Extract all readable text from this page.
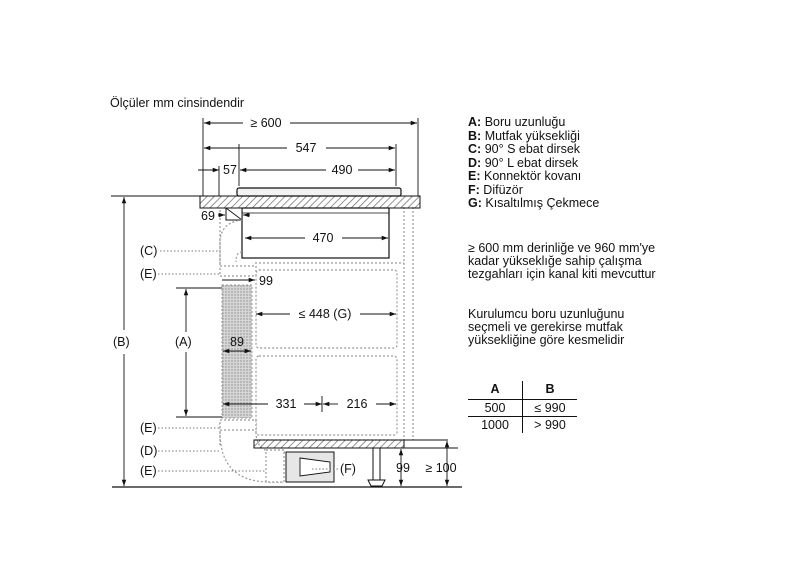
≥ 600
547
57	490
69
470
99
≤ 448 (G)
89
331	216
99 ≥ 100
(C)
(E)
(A)
(B)
(E)
(D)
(E)	(F)
Ölçüler mm cinsindendir
A: Boru uzunluğu
B: Mutfak yüksekliği
C: 90° S ebat dirsek
D: 90° L ebat dirsek
E: Konnektör kovanı
F: Difüzör
G: Kısaltılmış Çekmece
≥ 600 mm derinliğe ve 960 mm'ye
kadar yükseklığe sahip çalışma
tezgahları için kanal kiti mevcuttur
Kurulumcu boru uzunluğunu
seçmeli ve gerekirse mutfak
yüksekliğine göre kesmelidir
A	B
500	≤ 990
1000	> 990
